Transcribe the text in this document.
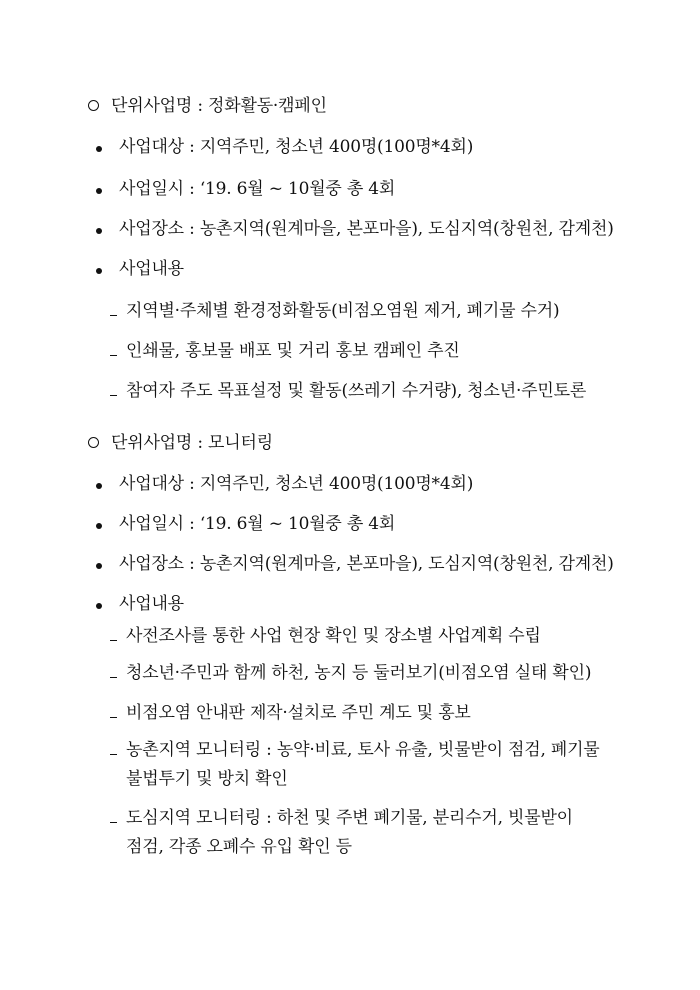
단위사업명 : 정화활동·캠페인
사업대상 : 지역주민, 청소년 400명(100명*4회)
사업일시 : ‘19. 6월 ~ 10월중 총 4회
사업장소 : 농촌지역(원계마을, 본포마을), 도심지역(창원천, 감계천)
사업내용
지역별·주체별 환경정화활동(비점오염원 제거, 폐기물 수거)
인쇄물, 홍보물 배포 및 거리 홍보 캠페인 추진
참여자 주도 목표설정 및 활동(쓰레기 수거량), 청소년·주민토론
단위사업명 : 모니터링
사업대상 : 지역주민, 청소년 400명(100명*4회)
사업일시 : ‘19. 6월 ~ 10월중 총 4회
사업장소 : 농촌지역(원계마을, 본포마을), 도심지역(창원천, 감계천)
사업내용
사전조사를 통한 사업 현장 확인 및 장소별 사업계획 수립
청소년·주민과 함께 하천, 농지 등 둘러보기(비점오염 실태 확인)
비점오염 안내판 제작·설치로 주민 계도 및 홍보
농촌지역 모니터링 : 농약·비료, 토사 유출, 빗물받이 점검, 폐기물
불법투기 및 방치 확인
도심지역 모니터링 : 하천 및 주변 폐기물, 분리수거, 빗물받이
점검, 각종 오폐수 유입 확인 등
